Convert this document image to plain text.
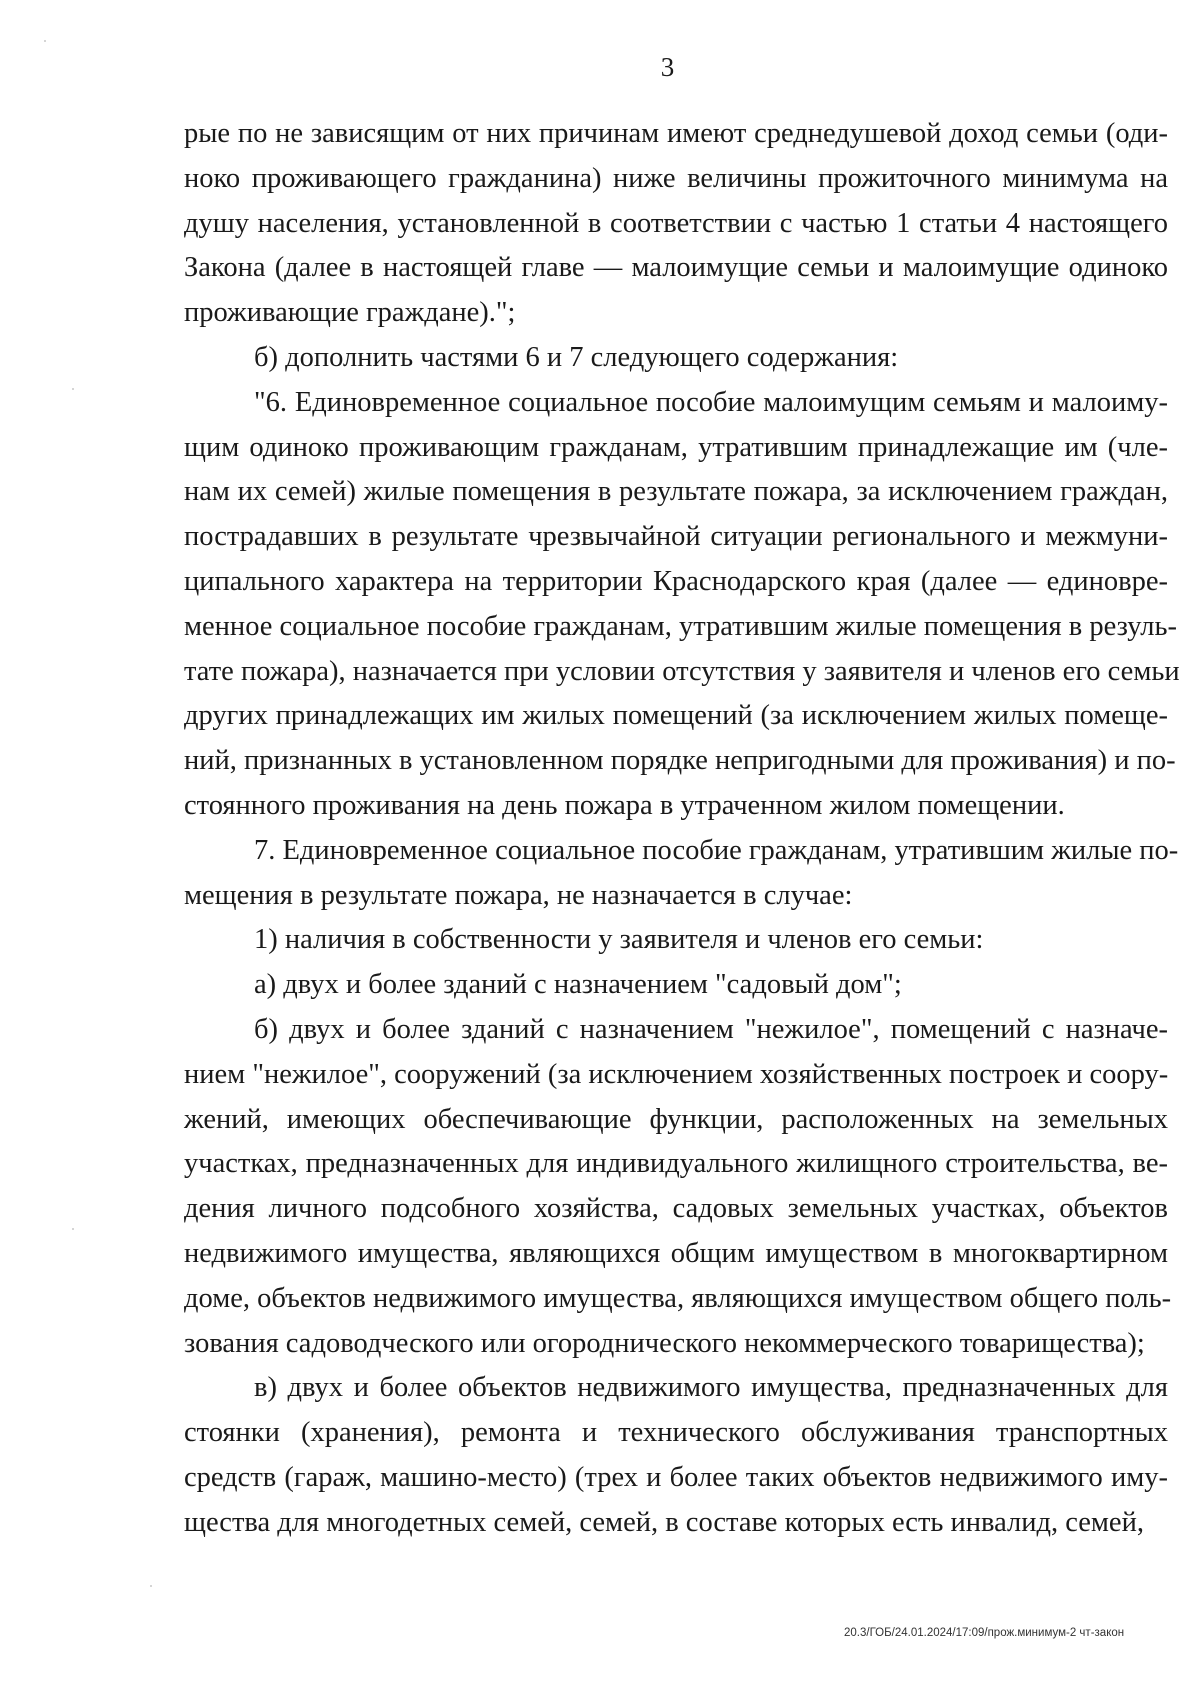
3
рые по не зависящим от них причинам имеют среднедушевой доход семьи (оди-
ноко проживающего гражданина) ниже величины прожиточного минимума на
душу населения, установленной в соответствии с частью 1 статьи 4 настоящего
Закона (далее в настоящей главе — малоимущие семьи и малоимущие одиноко
проживающие граждане).";
б) дополнить частями 6 и 7 следующего содержания:
"6. Единовременное социальное пособие малоимущим семьям и малоиму-
щим одиноко проживающим гражданам, утратившим принадлежащие им (чле-
нам их семей) жилые помещения в результате пожара, за исключением граждан,
пострадавших в результате чрезвычайной ситуации регионального и межмуни-
ципального характера на территории Краснодарского края (далее — единовре-
менное социальное пособие гражданам, утратившим жилые помещения в резуль-
тате пожара), назначается при условии отсутствия у заявителя и членов его семьи
других принадлежащих им жилых помещений (за исключением жилых помеще-
ний, признанных в установленном порядке непригодными для проживания) и по-
стоянного проживания на день пожара в утраченном жилом помещении.
7. Единовременное социальное пособие гражданам, утратившим жилые по-
мещения в результате пожара, не назначается в случае:
1) наличия в собственности у заявителя и членов его семьи:
а) двух и более зданий с назначением "садовый дом";
б) двух и более зданий с назначением "нежилое", помещений с назначе-
нием "нежилое", сооружений (за исключением хозяйственных построек и соору-
жений, имеющих обеспечивающие функции, расположенных на земельных
участках, предназначенных для индивидуального жилищного строительства, ве-
дения личного подсобного хозяйства, садовых земельных участках, объектов
недвижимого имущества, являющихся общим имуществом в многоквартирном
доме, объектов недвижимого имущества, являющихся имуществом общего поль-
зования садоводческого или огороднического некоммерческого товарищества);
в) двух и более объектов недвижимого имущества, предназначенных для
стоянки (хранения), ремонта и технического обслуживания транспортных
средств (гараж, машино-место) (трех и более таких объектов недвижимого иму-
щества для многодетных семей, семей, в составе которых есть инвалид, семей,
20.3/ГОБ/24.01.2024/17:09/прож.минимум-2 чт-закон
